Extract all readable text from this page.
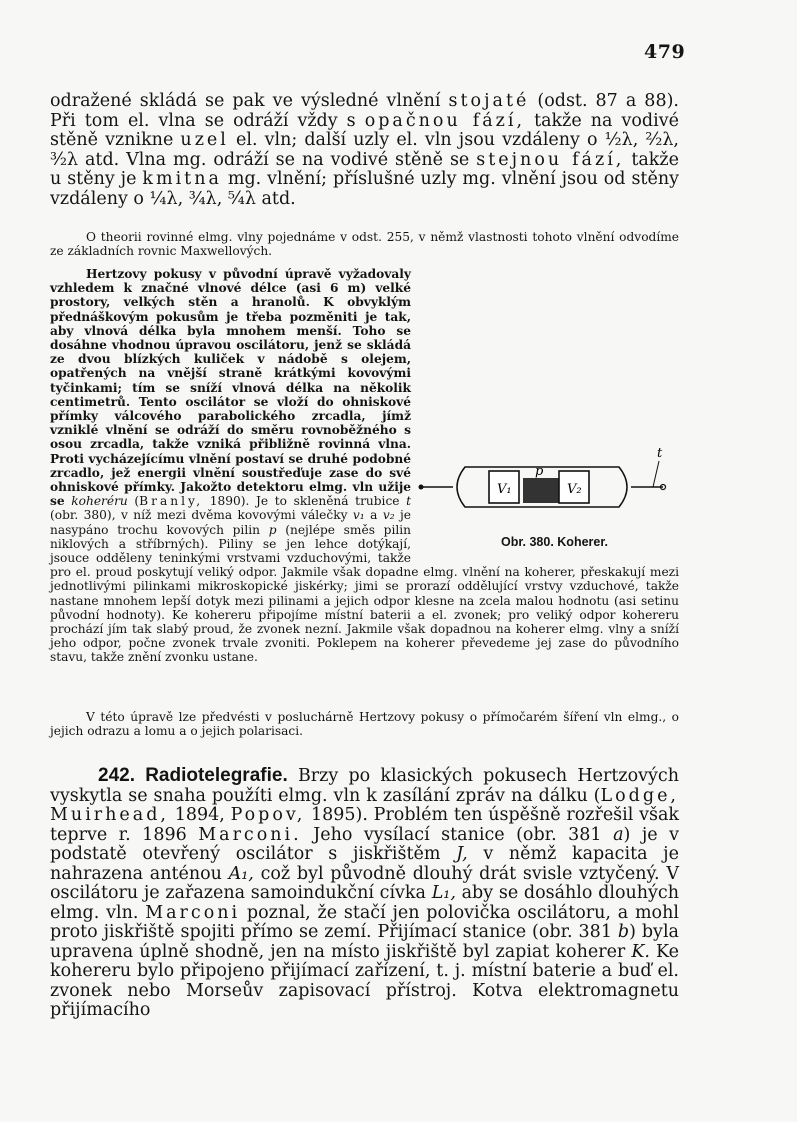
479

odražené skládá se pak ve výsledné vlnění stojaté (odst. 87 a 88). Při tom el. vlna se odráží vždy s opačnou fází, takže na vodivé stěně vznikne uzel el. vln; další uzly el. vln jsou vzdáleny o ½λ, ²⁄₂λ, ³⁄₂λ atd. Vlna mg. odráží se na vodivé stěně se stejnou fází, takže u stěny je kmitna mg. vlnění; příslušné uzly mg. vlnění jsou od stěny vzdáleny o ¼λ, ¾λ, ⁵⁄₄λ atd.

O theorii rovinné elmg. vlny pojednáme v odst. 255, v němž vlastnosti tohoto vlnění odvodíme ze základních rovnic Maxwellových.

V₁	V₂
p
t
Obr. 380. Koherer.
Hertzovy pokusy v původní úpravě vyžadovaly vzhledem k značné vlnové délce (asi 6 m) velké prostory, velkých stěn a hranolů. K obvyklým přednáškovým pokusům je třeba pozměniti je tak, aby vlnová délka byla mnohem menší. Toho se dosáhne vhodnou úpravou oscilátoru, jenž se skládá ze dvou blízkých kuliček v nádobě s olejem, opatřených na vnější straně krátkými kovovými tyčinkami; tím se sníží vlnová délka na několik centimetrů. Tento oscilátor se vloží do ohniskové přímky válcového parabolického zrcadla, jímž vzniklé vlnění se odráží do směru rovnoběžného s osou zrcadla, takže vzniká přibližně rovinná vlna. Proti vycházejícímu vlnění postaví se druhé podobné zrcadlo, jež energii vlnění soustřeďuje zase do své ohniskové přímky. Jakožto detektoru elmg. vln užije se koheréru (Branly, 1890). Je to skleněná trubice t (obr. 380), v níž mezi dvěma kovovými válečky v₁ a v₂ je nasypáno trochu kovových pilin p (nejlépe směs pilin niklových a stříbrných). Piliny se jen lehce dotýkají, jsouce odděleny teninkými vrstvami vzduchovými, takže pro el. proud poskytují veliký odpor. Jakmile však dopadne elmg. vlnění na koherer, přeskakují mezi jednotlivými pilinkami mikroskopické jiskérky; jimi se prorazí oddělující vrstvy vzduchové, takže nastane mnohem lepší dotyk mezi pilinami a jejich odpor klesne na zcela malou hodnotu (asi setinu původní hodnoty). Ke kohereru připojíme místní baterii a el. zvonek; pro veliký odpor kohereru prochází jím tak slabý proud, že zvonek nezní. Jakmile však dopadnou na koherer elmg. vlny a sníží jeho odpor, počne zvonek trvale zvoniti. Poklepem na koherer převedeme jej zase do původního stavu, takže znění zvonku ustane.

V této úpravě lze předvésti v posluchárně Hertzovy pokusy o přímočarém šíření vln elmg., o jejich odrazu a lomu a o jejich polarisaci.

242. Radiotelegrafie. Brzy po klasických pokusech Hertzových vyskytla se snaha použíti elmg. vln k zasílání zpráv na dálku (Lodge, Muirhead, 1894, Popov, 1895). Problém ten úspěšně rozřešil však teprve r. 1896 Marconi. Jeho vysílací stanice (obr. 381 a) je v podstatě otevřený oscilátor s jiskřištěm J, v němž kapacita je nahrazena anténou A₁, což byl původně dlouhý drát svisle vztyčený. V oscilátoru je zařazena samoindukční cívka L₁, aby se dosáhlo dlouhých elmg. vln. Marconi poznal, že stačí jen polovička oscilátoru, a mohl proto jiskřiště spojiti přímo se zemí. Přijímací stanice (obr. 381 b) byla upravena úplně shodně, jen na místo jiskřiště byl zapiat koherer K. Ke kohereru bylo připojeno přijímací zařízení, t. j. místní baterie a buď el. zvonek nebo Morseův zapisovací přístroj. Kotva elektromagnetu přijímacího
